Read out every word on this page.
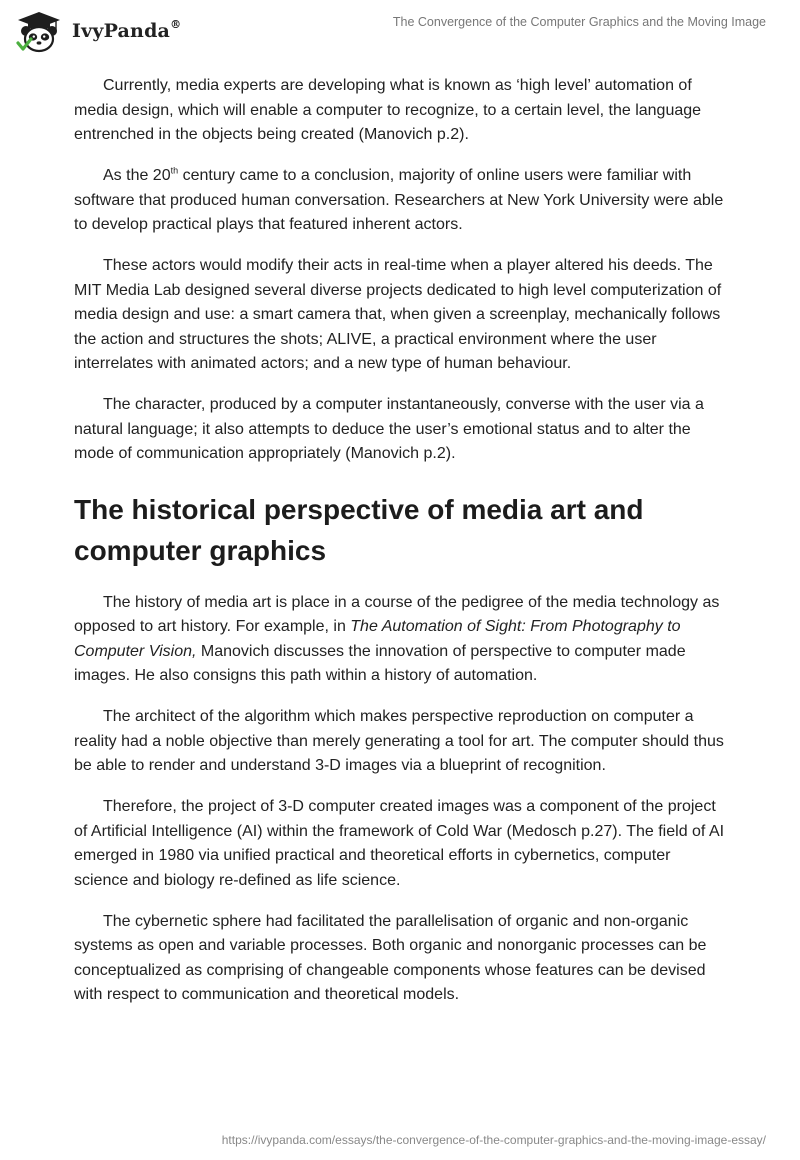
IvyPanda®	The Convergence of the Computer Graphics and the Moving Image

Currently, media experts are developing what is known as ‘high level’ automation of media design, which will enable a computer to recognize, to a certain level, the language entrenched in the objects being created (Manovich p.2).

As the 20th century came to a conclusion, majority of online users were familiar with software that produced human conversation. Researchers at New York University were able to develop practical plays that featured inherent actors.

These actors would modify their acts in real-time when a player altered his deeds. The MIT Media Lab designed several diverse projects dedicated to high level computerization of media design and use: a smart camera that, when given a screenplay, mechanically follows the action and structures the shots; ALIVE, a practical environment where the user interrelates with animated actors; and a new type of human behaviour.

The character, produced by a computer instantaneously, converse with the user via a natural language; it also attempts to deduce the user’s emotional status and to alter the mode of communication appropriately (Manovich p.2).

The historical perspective of media art and computer graphics

The history of media art is place in a course of the pedigree of the media technology as opposed to art history. For example, in The Automation of Sight: From Photography to Computer Vision, Manovich discusses the innovation of perspective to computer made images. He also consigns this path within a history of automation.

The architect of the algorithm which makes perspective reproduction on computer a reality had a noble objective than merely generating a tool for art. The computer should thus be able to render and understand 3-D images via a blueprint of recognition.

Therefore, the project of 3-D computer created images was a component of the project of Artificial Intelligence (AI) within the framework of Cold War (Medosch p.27). The field of AI emerged in 1980 via unified practical and theoretical efforts in cybernetics, computer science and biology re-defined as life science.

The cybernetic sphere had facilitated the parallelisation of organic and non-organic systems as open and variable processes. Both organic and nonorganic processes can be conceptualized as comprising of changeable components whose features can be devised with respect to communication and theoretical models.

https://ivypanda.com/essays/the-convergence-of-the-computer-graphics-and-the-moving-image-essay/
